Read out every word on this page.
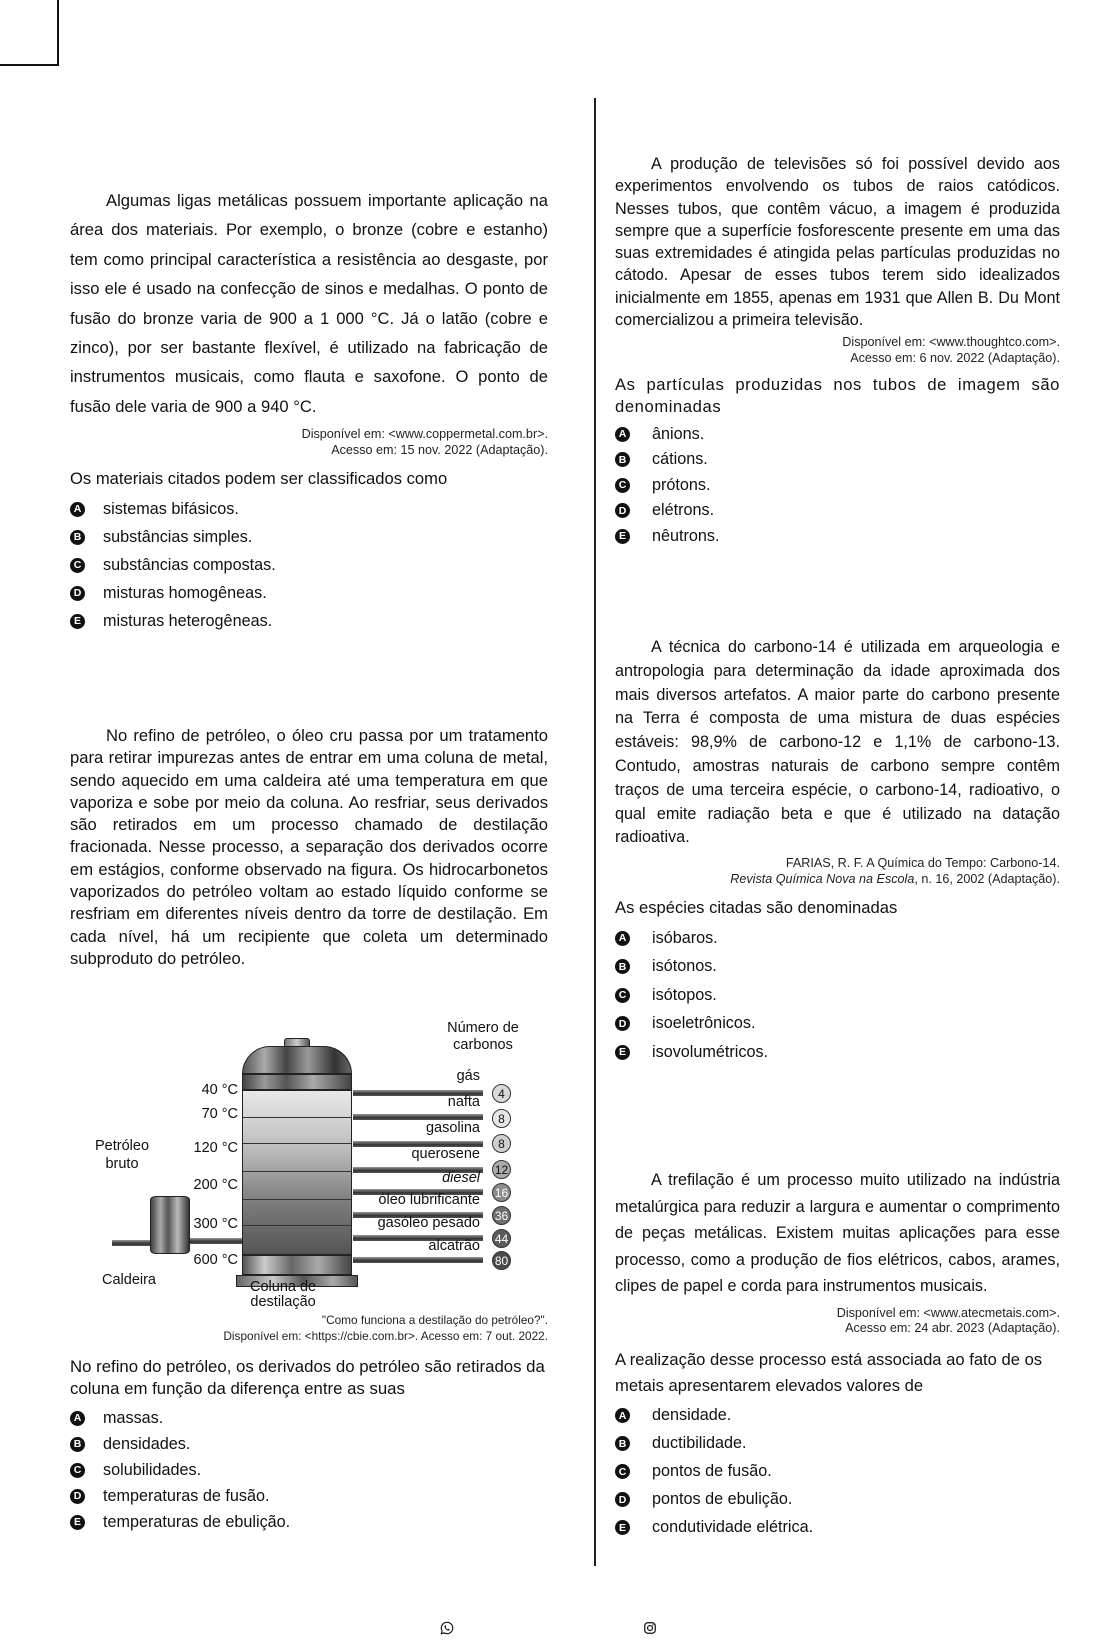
Algumas ligas metálicas possuem importante aplicação na área dos materiais. Por exemplo, o bronze (cobre e estanho) tem como principal característica a resistência ao desgaste, por isso ele é usado na confecção de sinos e medalhas. O ponto de fusão do bronze varia de 900 a 1 000 °C. Já o latão (cobre e zinco), por ser bastante flexível, é utilizado na fabricação de instrumentos musicais, como flauta e saxofone. O ponto de fusão dele varia de 900 a 940 °C.

Disponível em: <www.coppermetal.com.br>.
Acesso em: 15 nov. 2022 (Adaptação).

Os materiais citados podem ser classificados como

A sistemas bifásicos.
B substâncias simples.
C substâncias compostas.
D misturas homogêneas.
E misturas heterogêneas.

No refino de petróleo, o óleo cru passa por um tratamento para retirar impurezas antes de entrar em uma coluna de metal, sendo aquecido em uma caldeira até uma temperatura em que vaporiza e sobe por meio da coluna. Ao resfriar, seus derivados são retirados em um processo chamado de destilação fracionada. Nesse processo, a separação dos derivados ocorre em estágios, conforme observado na figura. Os hidrocarbonetos vaporizados do petróleo voltam ao estado líquido conforme se resfriam em diferentes níveis dentro da torre de destilação. Em cada nível, há um recipiente que coleta um determinado subproduto do petróleo.

Número de
carbonos
40 °C
70 °C
120 °C
200 °C
300 °C
600 °C
gás
nafta
gasolina
querosene
diesel
óleo lubrificante
gasóleo pesado
alcatrão
4
8
8
12
16
36
44
80
Petróleo
bruto
Caldeira	Coluna de
destilação

"Como funciona a destilação do petróleo?".
Disponível em: <https://cbie.com.br>. Acesso em: 7 out. 2022.

No refino do petróleo, os derivados do petróleo são retirados da coluna em função da diferença entre as suas

A massas.
B densidades.
C solubilidades.
D temperaturas de fusão.
E temperaturas de ebulição.

A produção de televisões só foi possível devido aos experimentos envolvendo os tubos de raios catódicos. Nesses tubos, que contêm vácuo, a imagem é produzida sempre que a superfície fosforescente presente em uma das suas extremidades é atingida pelas partículas produzidas no cátodo. Apesar de esses tubos terem sido idealizados inicialmente em 1855, apenas em 1931 que Allen B. Du Mont comercializou a primeira televisão.

Disponível em: <www.thoughtco.com>.
Acesso em: 6 nov. 2022 (Adaptação).

As partículas produzidas nos tubos de imagem são denominadas

A ânions.
B cátions.
C prótons.
D elétrons.
E nêutrons.

A técnica do carbono-14 é utilizada em arqueologia e antropologia para determinação da idade aproximada dos mais diversos artefatos. A maior parte do carbono presente na Terra é composta de uma mistura de duas espécies estáveis: 98,9% de carbono-12 e 1,1% de carbono-13. Contudo, amostras naturais de carbono sempre contêm traços de uma terceira espécie, o carbono-14, radioativo, o qual emite radiação beta e que é utilizado na datação radioativa.

FARIAS, R. F. A Química do Tempo: Carbono-14.
Revista Química Nova na Escola, n. 16, 2002 (Adaptação).

As espécies citadas são denominadas

A isóbaros.
B isótonos.
C isótopos.
D isoeletrônicos.
E isovolumétricos.

A trefilação é um processo muito utilizado na indústria metalúrgica para reduzir a largura e aumentar o comprimento de peças metálicas. Existem muitas aplicações para esse processo, como a produção de fios elétricos, cabos, arames, clipes de papel e corda para instrumentos musicais.

Disponível em: <www.atecmetais.com>.
Acesso em: 24 abr. 2023 (Adaptação).

A realização desse processo está associada ao fato de os metais apresentarem elevados valores de

A densidade.
B ductibilidade.
C pontos de fusão.
D pontos de ebulição.
E condutividade elétrica.
